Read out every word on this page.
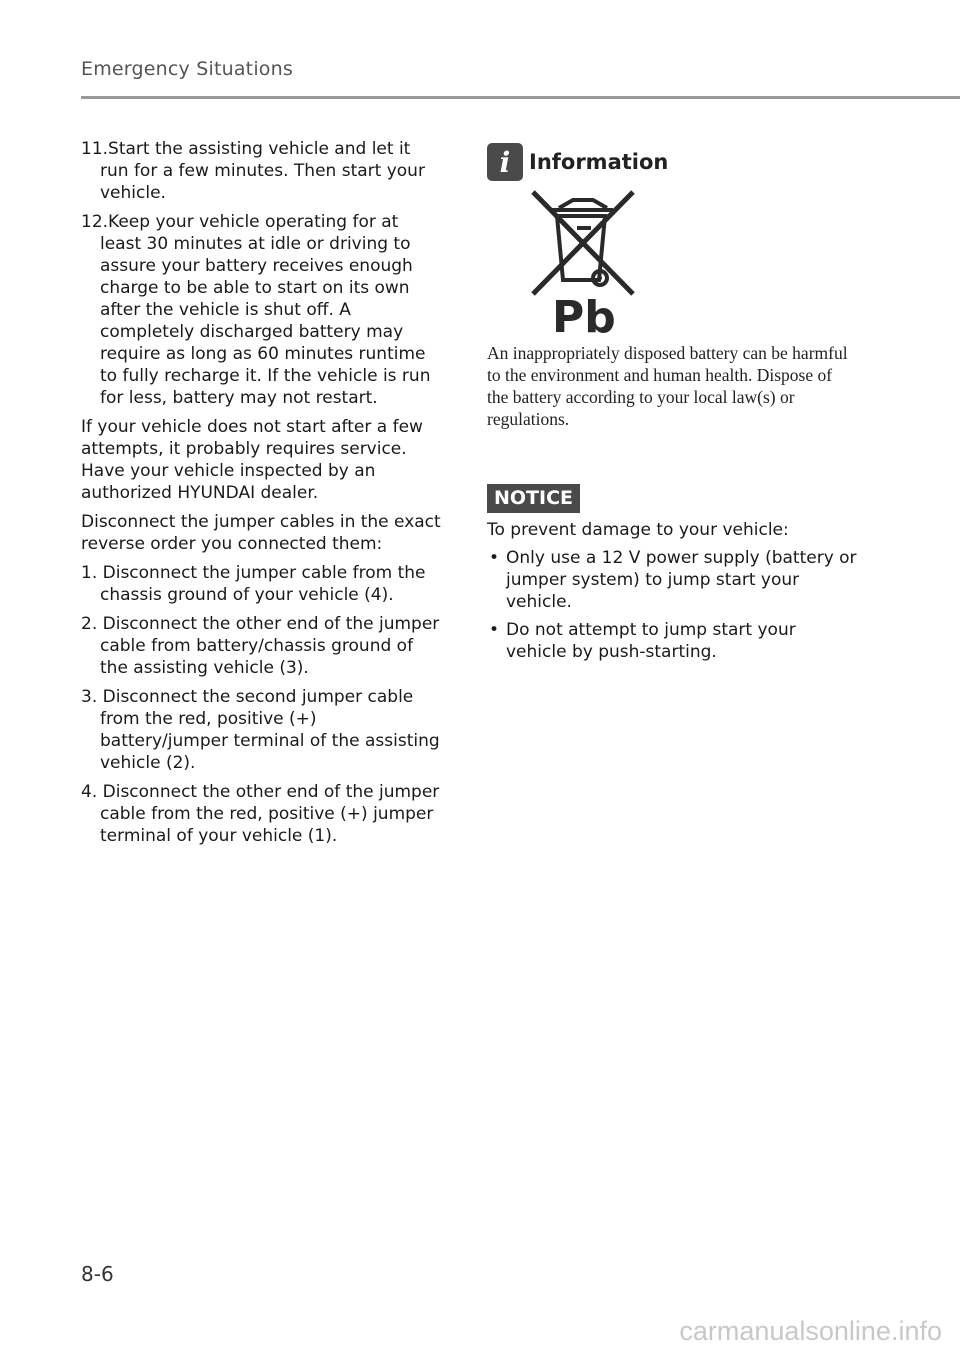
Emergency Situations

11.Start the assisting vehicle and let it run for a few minutes. Then start your vehicle.

12.Keep your vehicle operating for at least 30 minutes at idle or driving to assure your battery receives enough charge to be able to start on its own after the vehicle is shut off. A completely discharged battery may require as long as 60 minutes runtime to fully recharge it. If the vehicle is run for less, battery may not restart.

If your vehicle does not start after a few attempts, it probably requires service. Have your vehicle inspected by an authorized HYUNDAI dealer.

Disconnect the jumper cables in the exact reverse order you connected them:

1. Disconnect the jumper cable from the chassis ground of your vehicle (4).

2. Disconnect the other end of the jumper cable from battery/chassis ground of the assisting vehicle (3).

3. Disconnect the second jumper cable from the red, positive (+) battery/jumper terminal of the assisting vehicle (2).

4. Disconnect the other end of the jumper cable from the red, positive (+) jumper terminal of your vehicle (1).

i Information
Pb
An inappropriately disposed battery can be harmful to the environment and human health. Dispose of the battery according to your local law(s) or regulations.
NOTICE
To prevent damage to your vehicle:
• Only use a 12 V power supply (battery or jumper system) to jump start your vehicle.
• Do not attempt to jump start your vehicle by push-starting.
8-6
carmanualsonline.info
